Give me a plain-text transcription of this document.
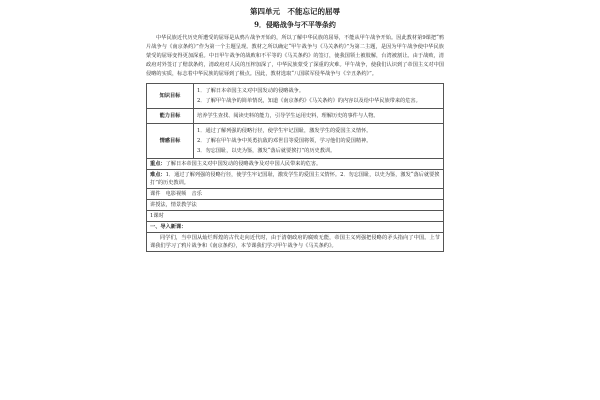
第四单元　不能忘记的屈辱
9．侵略战争与不平等条约
中华民族近代历史所遭受的屈辱是从鸦片战争开始的，所以了解中华民族的屈辱，不能从甲午战争开始。因此教材第9课把“鸦片战争与《南京条约》”作为第一个主题呈现。教材之所以确定“甲午战争与《马关条约》”为第二主题，是因为甲午战争使中华民族蒙受的屈辱变得更加深重。中日甲午战争的战败和不平等的《马关条约》的签订，使我国领土被肢解，台湾被割让。由于战败，清政府对外签订了赔款条约，清政府对人民的压榨加深了，中华民族蒙受了深重的灾难。甲午战争，使我们认识到了帝国主义对中国侵略的实质，标志着中华民族的屈辱到了极点。因此，教材选取“八国联军侵华战争与《辛丑条约》”。
知识目标	1．了解日本帝国主义对中国发动的侵略战争。
2．了解甲午战争的简单情况，知道《南京条约》《马关条约》的内容以及给中华民族带来的危害。

能力目标	培养学生查找、阅读史料的能力，引导学生运用史料，理解历史的事件与人物。

情感目标	1．通过了解列强的侵略行径，使学生牢记国耻，激发学生的爱国主义情怀。
2．了解在甲午战争中英勇抗敌的邓世昌等爱国将领，学习他们的爱国精神。
3．勿忘国耻，以史为鉴，激发“落后就要挨打”的历史教训。

重点：了解日本帝国主义对中国发动的侵略战争及对中国人民带来的危害。	
难点：1．通过了解列强的侵略行径，使学生牢记国耻，激发学生的爱国主义情怀。2．勿忘国耻，以史为鉴，激发“落后就要挨打”的历史教训。	
课件　电影视频　音乐	
讲授法，情景教学法	
1课时	
一、导入新课：	

同学们，当中国从灿烂辉煌的古代走向近代时，由于清朝政府的腐败无能，帝国主义列强把侵略的矛头指向了中国。上节课我们学习了鸦片战争和《南京条约》，本节课我们学习甲午战争与《马关条约》。	
